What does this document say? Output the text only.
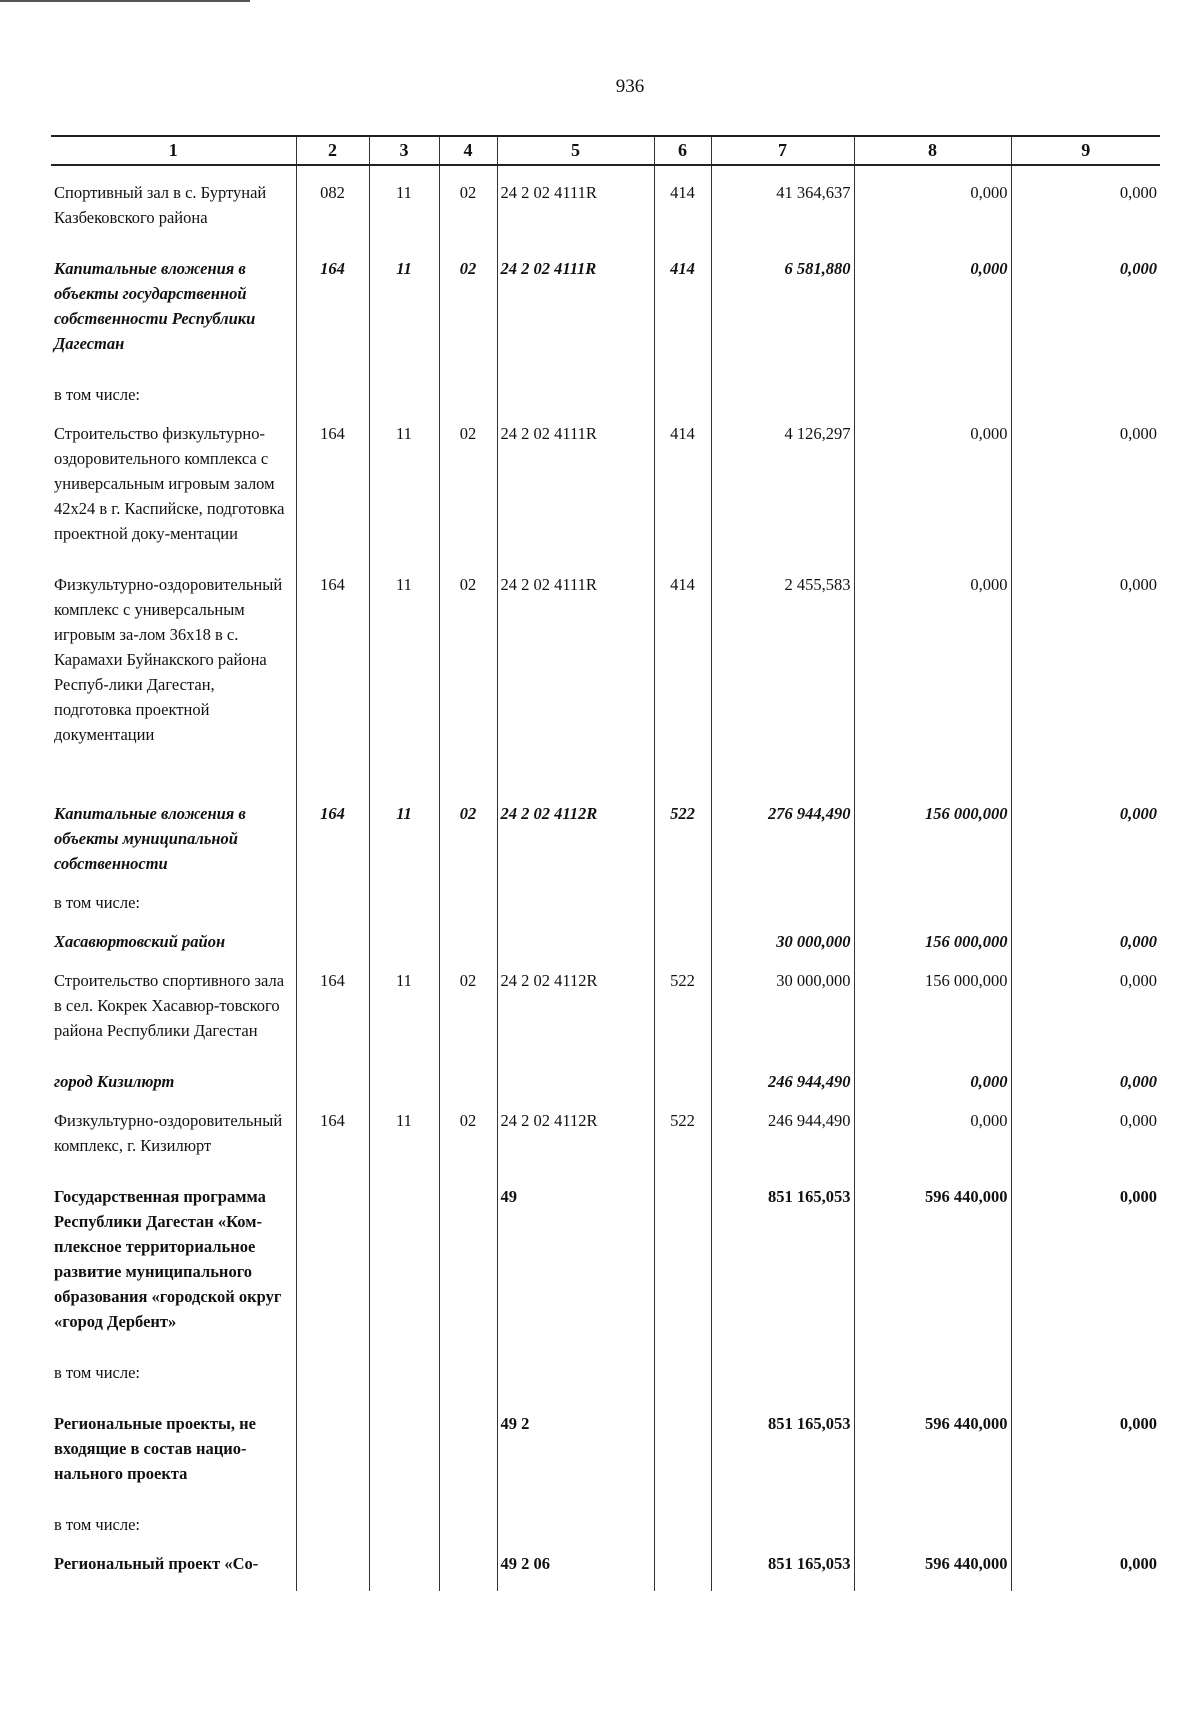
936
1	2	3	4	5	6	7	8	9
Спортивный зал в с. Буртунай Казбековского района	082	11	02	24 2 02 4111R	414	41 364,637	0,000	0,000
Капитальные вложения в объекты государственной собственности Республики Дагестан	164	11	02	24 2 02 4111R	414	6 581,880	0,000	0,000
в том числе:								
Строительство физкультурно-оздоровительного комплекса с универсальным игровым залом 42х24 в г. Каспийске, подготовка проектной доку-ментации	164	11	02	24 2 02 4111R	414	4 126,297	0,000	0,000
Физкультурно-оздоровительный комплекс с универсальным игровым за-лом 36х18 в с. Карамахи Буйнакского района Респуб-лики Дагестан, подготовка проектной документации	164	11	02	24 2 02 4111R	414	2 455,583	0,000	0,000
Капитальные вложения в объекты муниципальной собственности	164	11	02	24 2 02 4112R	522	276 944,490	156 000,000	0,000
в том числе:								
Хасавюртовский район						30 000,000	156 000,000	0,000
Строительство спортивного зала в сел. Кокрек Хасавюр-товского района Республики Дагестан	164	11	02	24 2 02 4112R	522	30 000,000	156 000,000	0,000
город Кизилюрт						246 944,490	0,000	0,000
Физкультурно-оздоровительный комплекс, г. Кизилюрт	164	11	02	24 2 02 4112R	522	246 944,490	0,000	0,000
Государственная программа Республики Дагестан «Ком-плексное территориальное развитие муниципального образования «городской округ «город Дербент»				49		851 165,053	596 440,000	0,000
в том числе:								
Региональные проекты, не входящие в состав нацио-нального проекта				49 2		851 165,053	596 440,000	0,000
в том числе:								
Региональный проект «Со-				49 2 06		851 165,053	596 440,000	0,000
